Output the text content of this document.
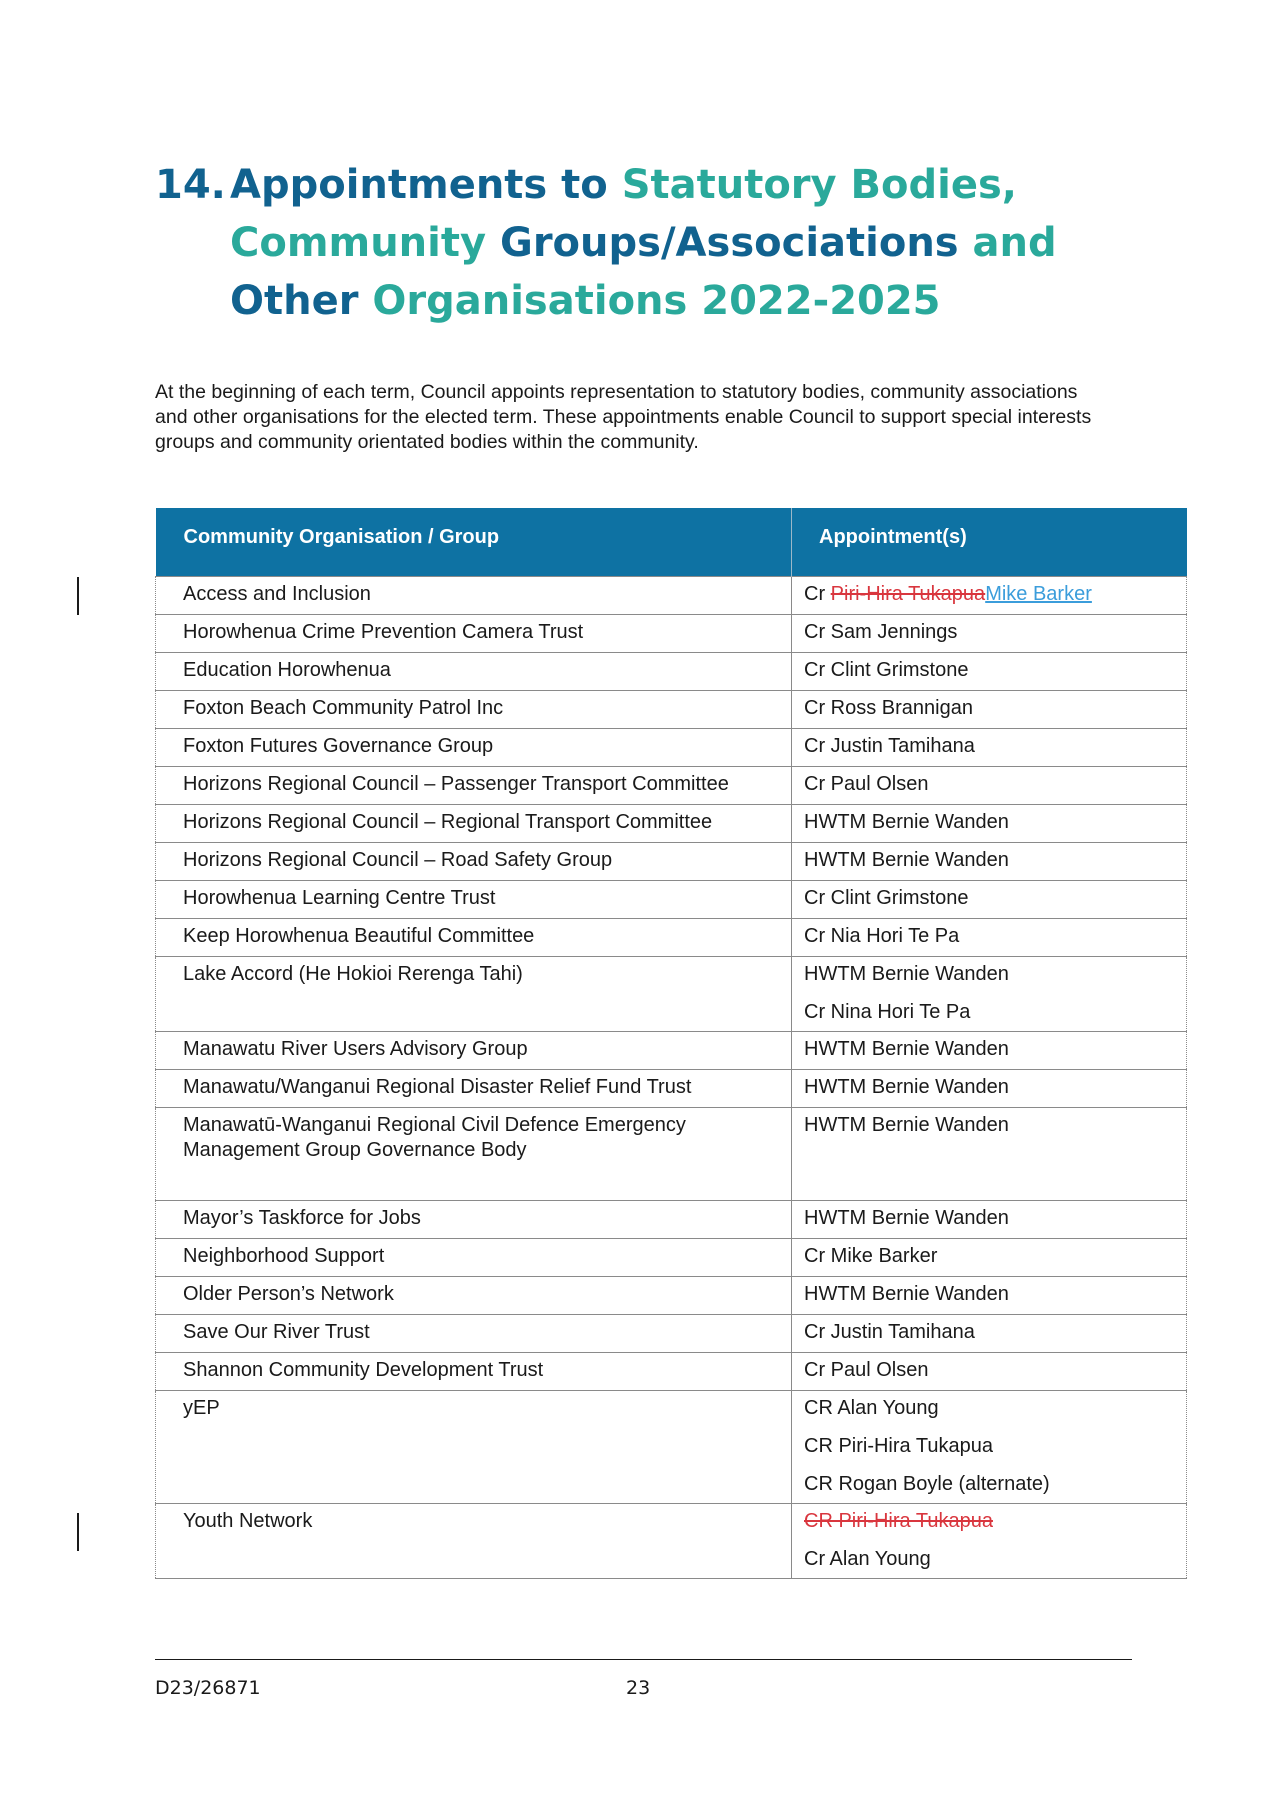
14. Appointments to Statutory Bodies,
Community Groups/Associations and
Other Organisations 2022-2025

At the beginning of each term, Council appoints representation to statutory bodies, community associations and other organisations for the elected term. These appointments enable Council to support special interests groups and community orientated bodies within the community.

Community Organisation / Group	Appointment(s)

Access and Inclusion	Cr Piri-Hira TukapuaMike Barker

Horowhenua Crime Prevention Camera Trust	Cr Sam Jennings

Education Horowhenua	Cr Clint Grimstone

Foxton Beach Community Patrol Inc	Cr Ross Brannigan

Foxton Futures Governance Group	Cr Justin Tamihana

Horizons Regional Council – Passenger Transport Committee	Cr Paul Olsen

Horizons Regional Council – Regional Transport Committee	HWTM Bernie Wanden

Horizons Regional Council – Road Safety Group	HWTM Bernie Wanden

Horowhenua Learning Centre Trust	Cr Clint Grimstone

Keep Horowhenua Beautiful Committee	Cr Nia Hori Te Pa

Lake Accord (He Hokioi Rerenga Tahi)	HWTM Bernie Wanden
Cr Nina Hori Te Pa

Manawatu River Users Advisory Group	HWTM Bernie Wanden

Manawatu/Wanganui Regional Disaster Relief Fund Trust	HWTM Bernie Wanden

Manawatū-Wanganui Regional Civil Defence Emergency Management Group Governance Body	HWTM Bernie Wanden

Mayor’s Taskforce for Jobs	HWTM Bernie Wanden

Neighborhood Support	Cr Mike Barker

Older Person’s Network	HWTM Bernie Wanden

Save Our River Trust	Cr Justin Tamihana

Shannon Community Development Trust	Cr Paul Olsen

yEP	CR Alan Young
CR Piri-Hira Tukapua
CR Rogan Boyle (alternate)

Youth Network	CR Piri-Hira Tukapua
Cr Alan Young
D23/26871	23
